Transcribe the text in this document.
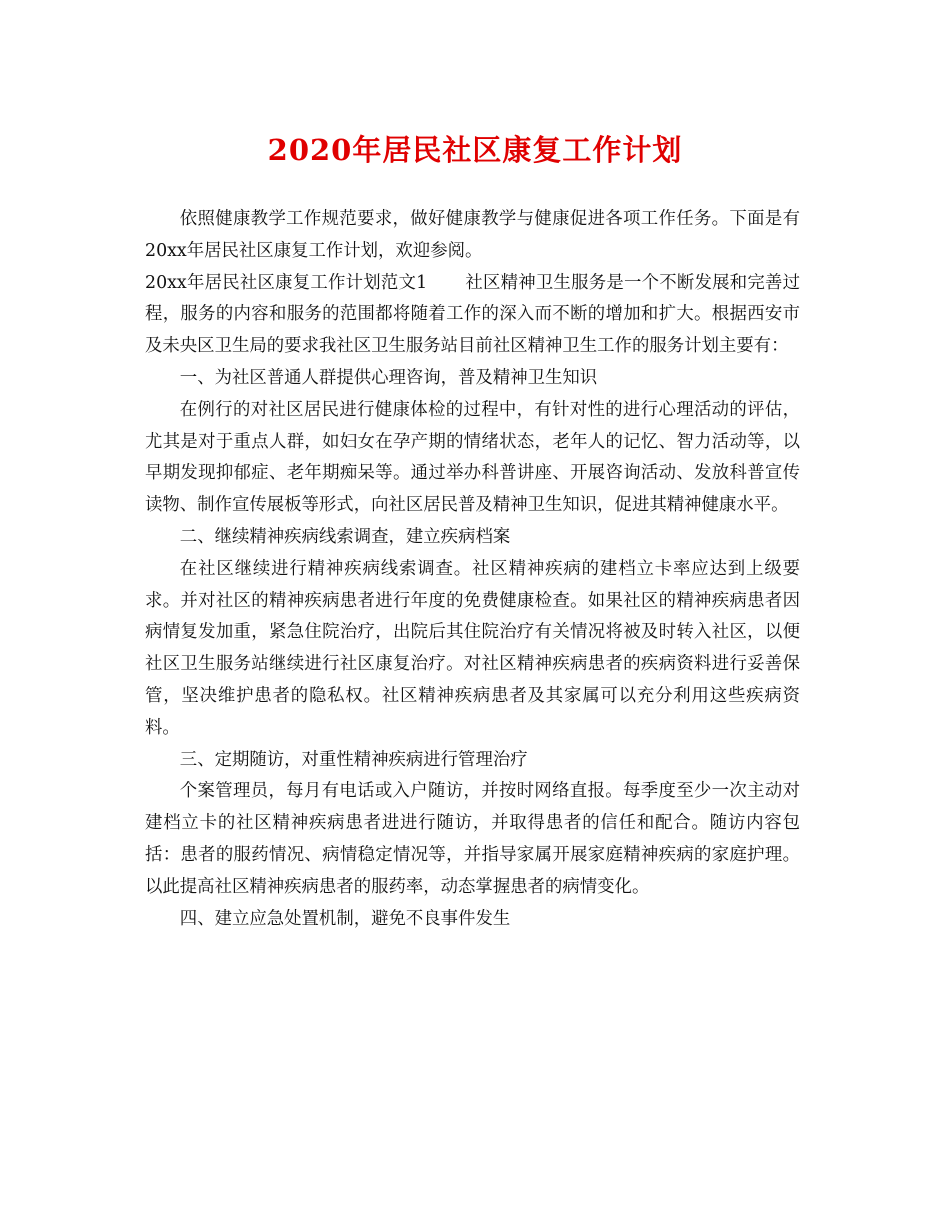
2020年居民社区康复工作计划

依照健康教学工作规范要求，做好健康教学与健康促进各项工作任务。下面是有20xx年居民社区康复工作计划，欢迎参阅。

20xx年居民社区康复工作计划范文1 社区精神卫生服务是一个不断发展和完善过程，服务的内容和服务的范围都将随着工作的深入而不断的增加和扩大。根据西安市及未央区卫生局的要求我社区卫生服务站目前社区精神卫生工作的服务计划主要有：

一、为社区普通人群提供心理咨询，普及精神卫生知识

在例行的对社区居民进行健康体检的过程中，有针对性的进行心理活动的评估，尤其是对于重点人群，如妇女在孕产期的情绪状态，老年人的记忆、智力活动等，以早期发现抑郁症、老年期痴呆等。通过举办科普讲座、开展咨询活动、发放科普宣传读物、制作宣传展板等形式，向社区居民普及精神卫生知识，促进其精神健康水平。

二、继续精神疾病线索调查，建立疾病档案

在社区继续进行精神疾病线索调查。社区精神疾病的建档立卡率应达到上级要求。并对社区的精神疾病患者进行年度的免费健康检查。如果社区的精神疾病患者因病情复发加重，紧急住院治疗，出院后其住院治疗有关情况将被及时转入社区，以便社区卫生服务站继续进行社区康复治疗。对社区精神疾病患者的疾病资料进行妥善保管，坚决维护患者的隐私权。社区精神疾病患者及其家属可以充分利用这些疾病资料。

三、定期随访，对重性精神疾病进行管理治疗

个案管理员，每月有电话或入户随访，并按时网络直报。每季度至少一次主动对建档立卡的社区精神疾病患者进进行随访，并取得患者的信任和配合。随访内容包括：患者的服药情况、病情稳定情况等，并指导家属开展家庭精神疾病的家庭护理。以此提高社区精神疾病患者的服药率，动态掌握患者的病情变化。

四、建立应急处置机制，避免不良事件发生
